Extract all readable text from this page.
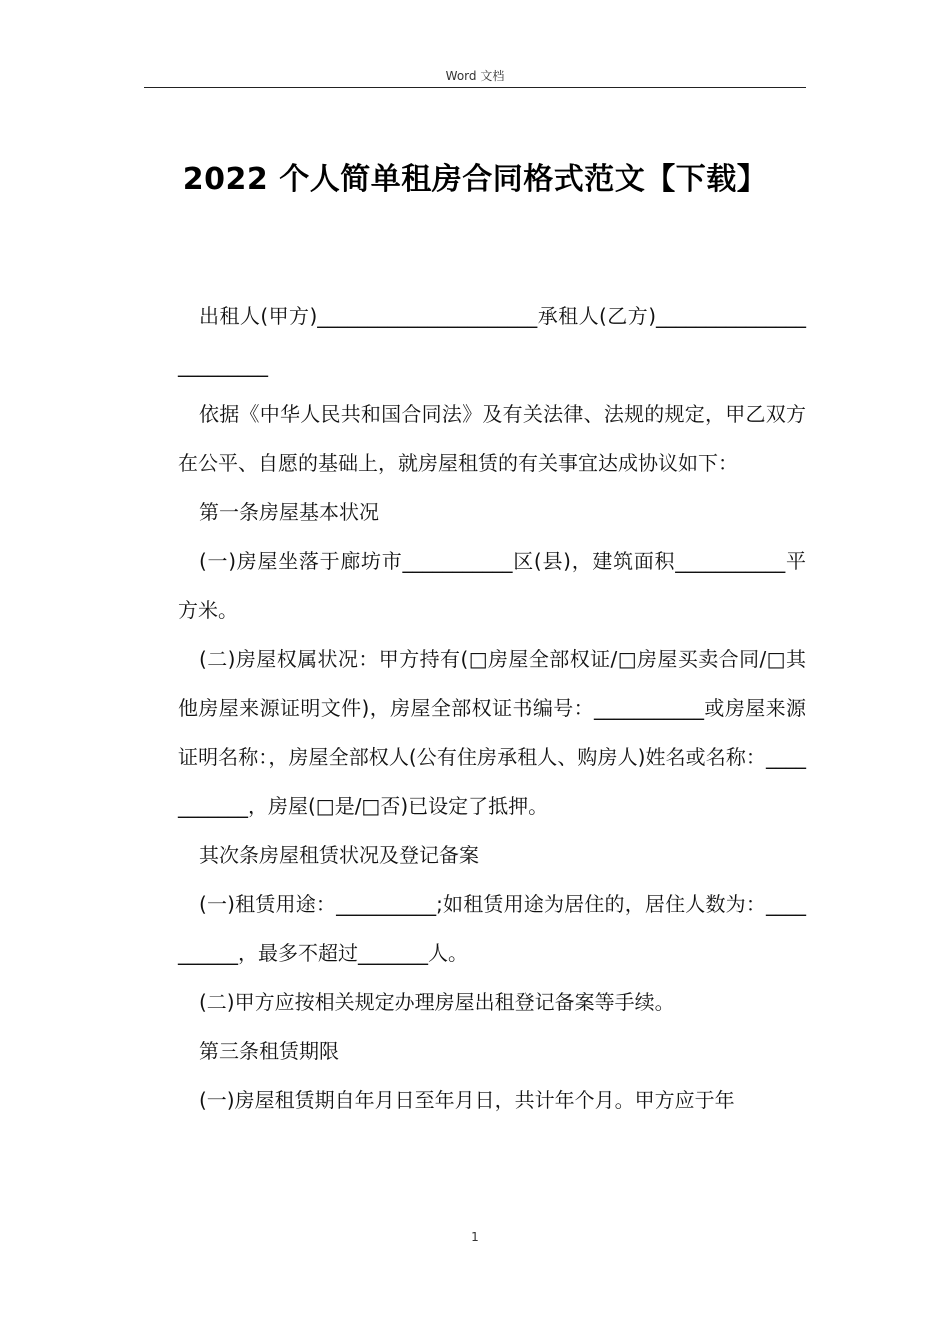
Word 文档
2022 个人简单租房合同格式范文【下载】

出租人(甲方)______________________承租人(乙方)________________________

依据《中华人民共和国合同法》及有关法律、法规的规定，甲乙双方在公平、自愿的基础上，就房屋租赁的有关事宜达成协议如下：

第一条房屋基本状况

(一)房屋坐落于廊坊市___________区(县)，建筑面积___________平方米。

(二)房屋权属状况：甲方持有(□房屋全部权证/□房屋买卖合同/□其他房屋来源证明文件)，房屋全部权证书编号：___________或房屋来源证明名称：，房屋全部权人(公有住房承租人、购房人)姓名或名称：___________，房屋(□是/□否)已设定了抵押。

其次条房屋租赁状况及登记备案

(一)租赁用途：__________;如租赁用途为居住的，居住人数为：__________，最多不超过_______人。

(二)甲方应按相关规定办理房屋出租登记备案等手续。

第三条租赁期限

(一)房屋租赁期自年月日至年月日，共计年个月。甲方应于年

1
